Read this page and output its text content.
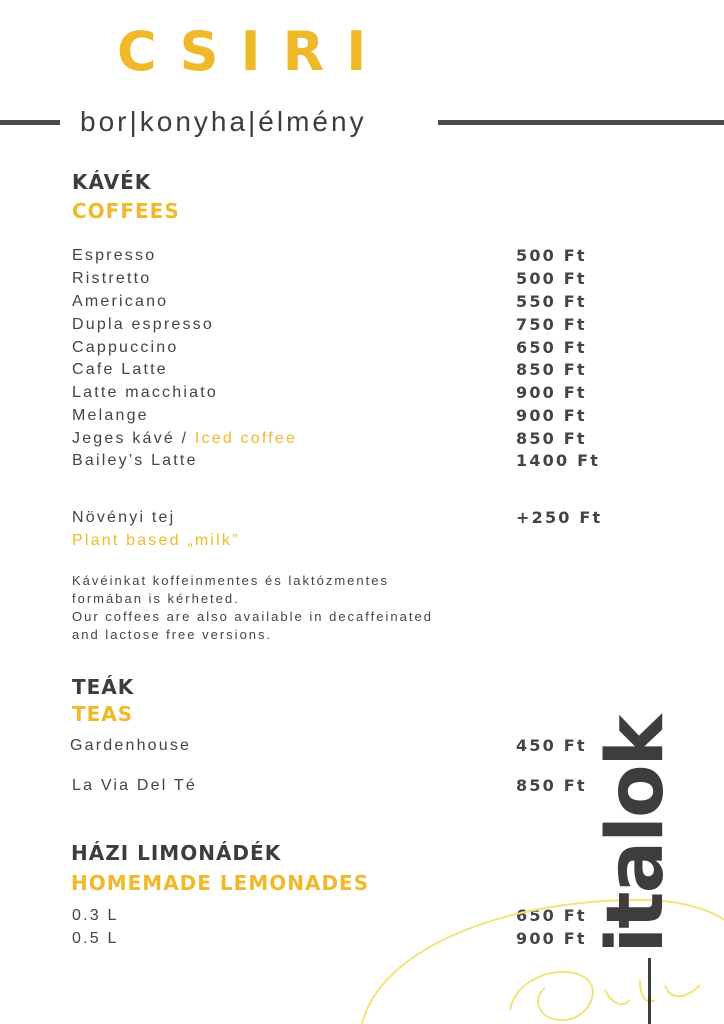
CSIRI
bor|konyha|élmény
KÁVÉK
COFFEES
Espresso	500 Ft
Ristretto	500 Ft
Americano	550 Ft
Dupla espresso	750 Ft
Cappuccino	650 Ft
Cafe Latte	850 Ft
Latte macchiato	900 Ft
Melange	900 Ft
Jeges kávé / Iced coffee	850 Ft
Bailey’s Latte	1400 Ft
Növényi tej	+250 Ft
Plant based „milk”
Kávéinkat koffeinmentes és laktózmentes
formában is kérheted.
Our coffees are also available in decaffeinated
and lactose free versions.
TEÁK
TEAS
Gardenhouse	450 Ft
La Via Del Té	850 Ft
HÁZI LIMONÁDÉK
HOMEMADE LEMONADES
0.3 L	650 Ft
0.5 L	900 Ft italok
